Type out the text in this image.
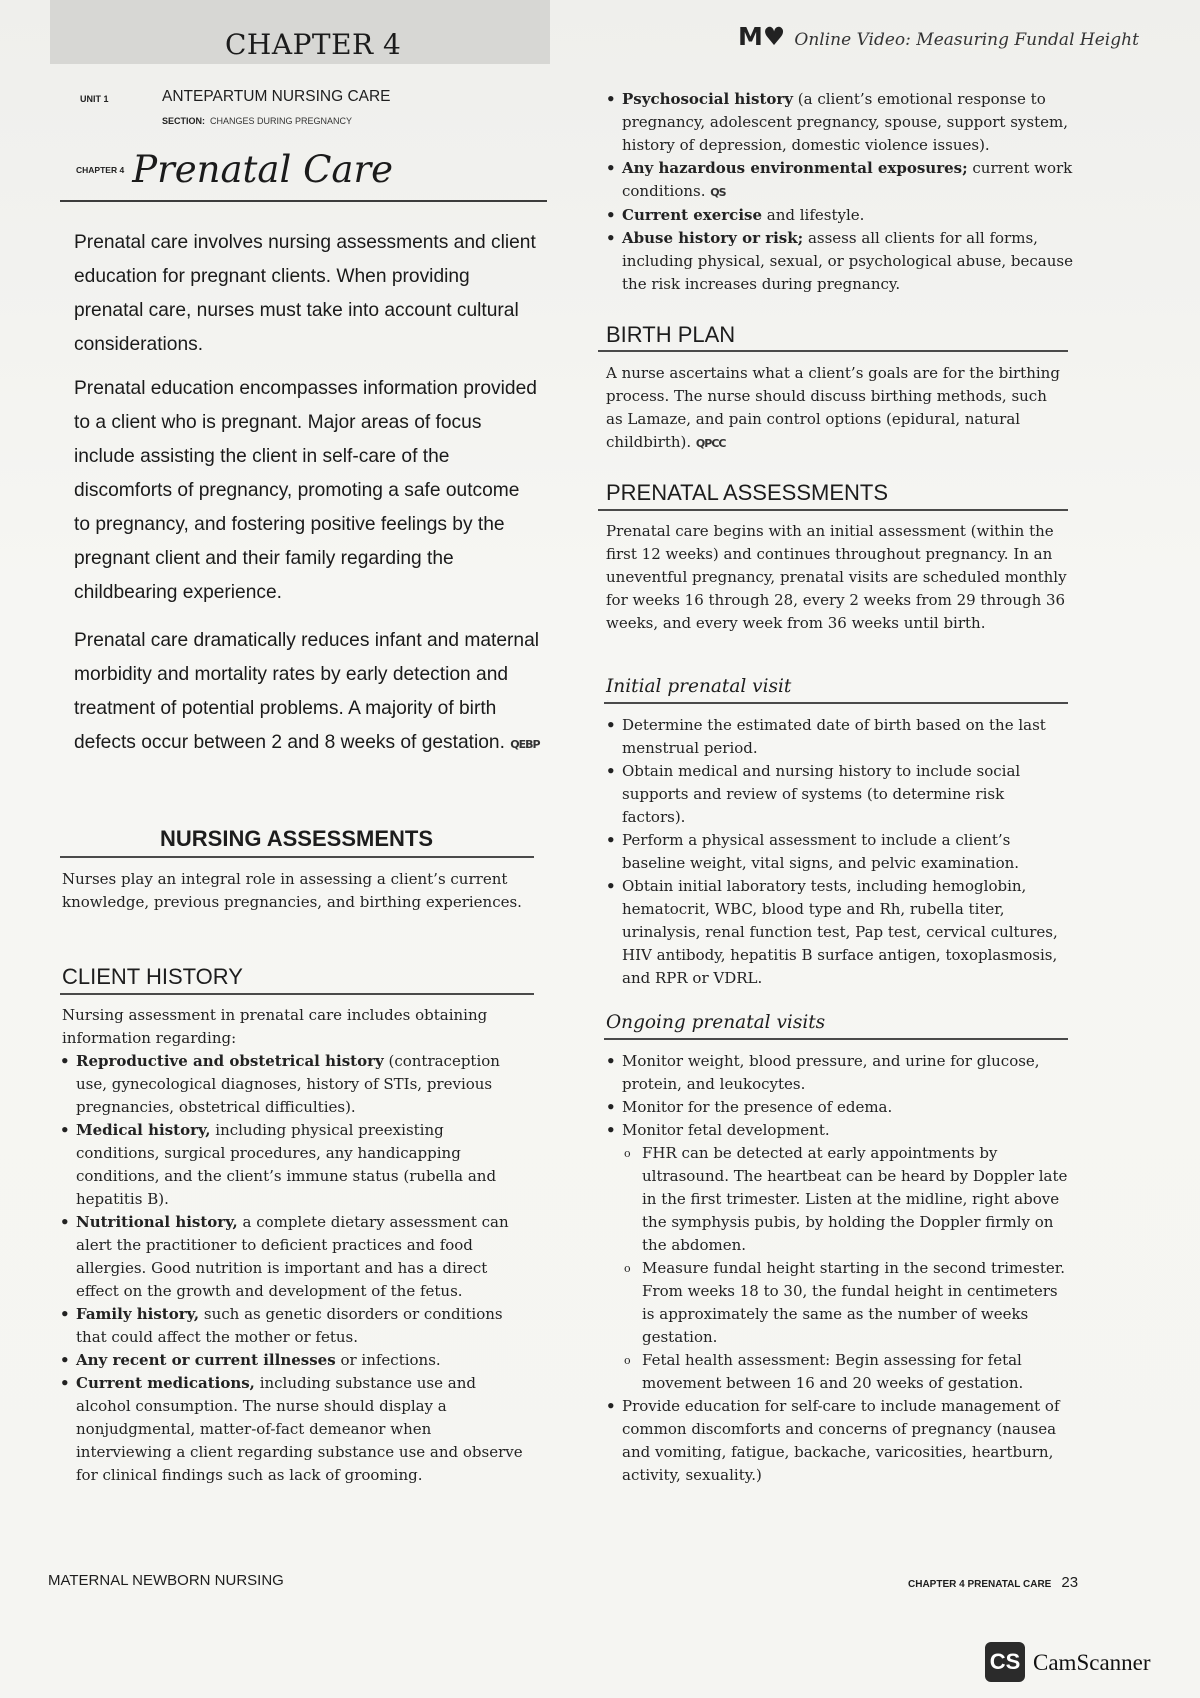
CHAPTER 4	M♥ Online Video: Measuring Fundal Height
UNIT 1	ANTEPARTUM NURSING CARE
SECTION: CHANGES DURING PREGNANCY
CHAPTER 4 Prenatal Care

Prenatal care involves nursing assessments and client education for pregnant clients. When providing prenatal care, nurses must take into account cultural considerations.

Prenatal education encompasses information provided to a client who is pregnant. Major areas of focus include assisting the client in self-care of the discomforts of pregnancy, promoting a safe outcome to pregnancy, and fostering positive feelings by the pregnant client and their family regarding the childbearing experience.

Prenatal care dramatically reduces infant and maternal morbidity and mortality rates by early detection and treatment of potential problems. A majority of birth defects occur between 2 and 8 weeks of gestation. QEBP

NURSING ASSESSMENTS

Nurses play an integral role in assessing a client’s current knowledge, previous pregnancies, and birthing experiences.

CLIENT HISTORY

Nursing assessment in prenatal care includes obtaining information regarding:

• Reproductive and obstetrical history (contraception use, gynecological diagnoses, history of STIs, previous pregnancies, obstetrical difficulties).
• Medical history, including physical preexisting conditions, surgical procedures, any handicapping conditions, and the client’s immune status (rubella and hepatitis B).
• Nutritional history, a complete dietary assessment can alert the practitioner to deficient practices and food allergies. Good nutrition is important and has a direct effect on the growth and development of the fetus.
• Family history, such as genetic disorders or conditions that could affect the mother or fetus.
• Any recent or current illnesses or infections.
• Current medications, including substance use and alcohol consumption. The nurse should display a nonjudgmental, matter-of-fact demeanor when interviewing a client regarding substance use and observe for clinical findings such as lack of grooming.
• Psychosocial history (a client’s emotional response to pregnancy, adolescent pregnancy, spouse, support system, history of depression, domestic violence issues).
• Any hazardous environmental exposures; current work conditions. QS
• Current exercise and lifestyle.
• Abuse history or risk; assess all clients for all forms, including physical, sexual, or psychological abuse, because the risk increases during pregnancy.
BIRTH PLAN

A nurse ascertains what a client’s goals are for the birthing process. The nurse should discuss birthing methods, such as Lamaze, and pain control options (epidural, natural childbirth). QPCC

PRENATAL ASSESSMENTS

Prenatal care begins with an initial assessment (within the first 12 weeks) and continues throughout pregnancy. In an uneventful pregnancy, prenatal visits are scheduled monthly for weeks 16 through 28, every 2 weeks from 29 through 36 weeks, and every week from 36 weeks until birth.

Initial prenatal visit
• Determine the estimated date of birth based on the last menstrual period.
• Obtain medical and nursing history to include social supports and review of systems (to determine risk factors).
• Perform a physical assessment to include a client’s baseline weight, vital signs, and pelvic examination.
• Obtain initial laboratory tests, including hemoglobin, hematocrit, WBC, blood type and Rh, rubella titer, urinalysis, renal function test, Pap test, cervical cultures, HIV antibody, hepatitis B surface antigen, toxoplasmosis, and RPR or VDRL.
Ongoing prenatal visits
• Monitor weight, blood pressure, and urine for glucose, protein, and leukocytes.
• Monitor for the presence of edema.
• Monitor fetal development.
o FHR can be detected at early appointments by ultrasound. The heartbeat can be heard by Doppler late in the first trimester. Listen at the midline, right above the symphysis pubis, by holding the Doppler firmly on the abdomen.
o Measure fundal height starting in the second trimester. From weeks 18 to 30, the fundal height in centimeters is approximately the same as the number of weeks gestation.
o Fetal health assessment: Begin assessing for fetal movement between 16 and 20 weeks of gestation.
• Provide education for self-care to include management of common discomforts and concerns of pregnancy (nausea and vomiting, fatigue, backache, varicosities, heartburn, activity, sexuality.)
MATERNAL NEWBORN NURSING	CHAPTER 4 PRENATAL CARE 23
CS CamScanner
